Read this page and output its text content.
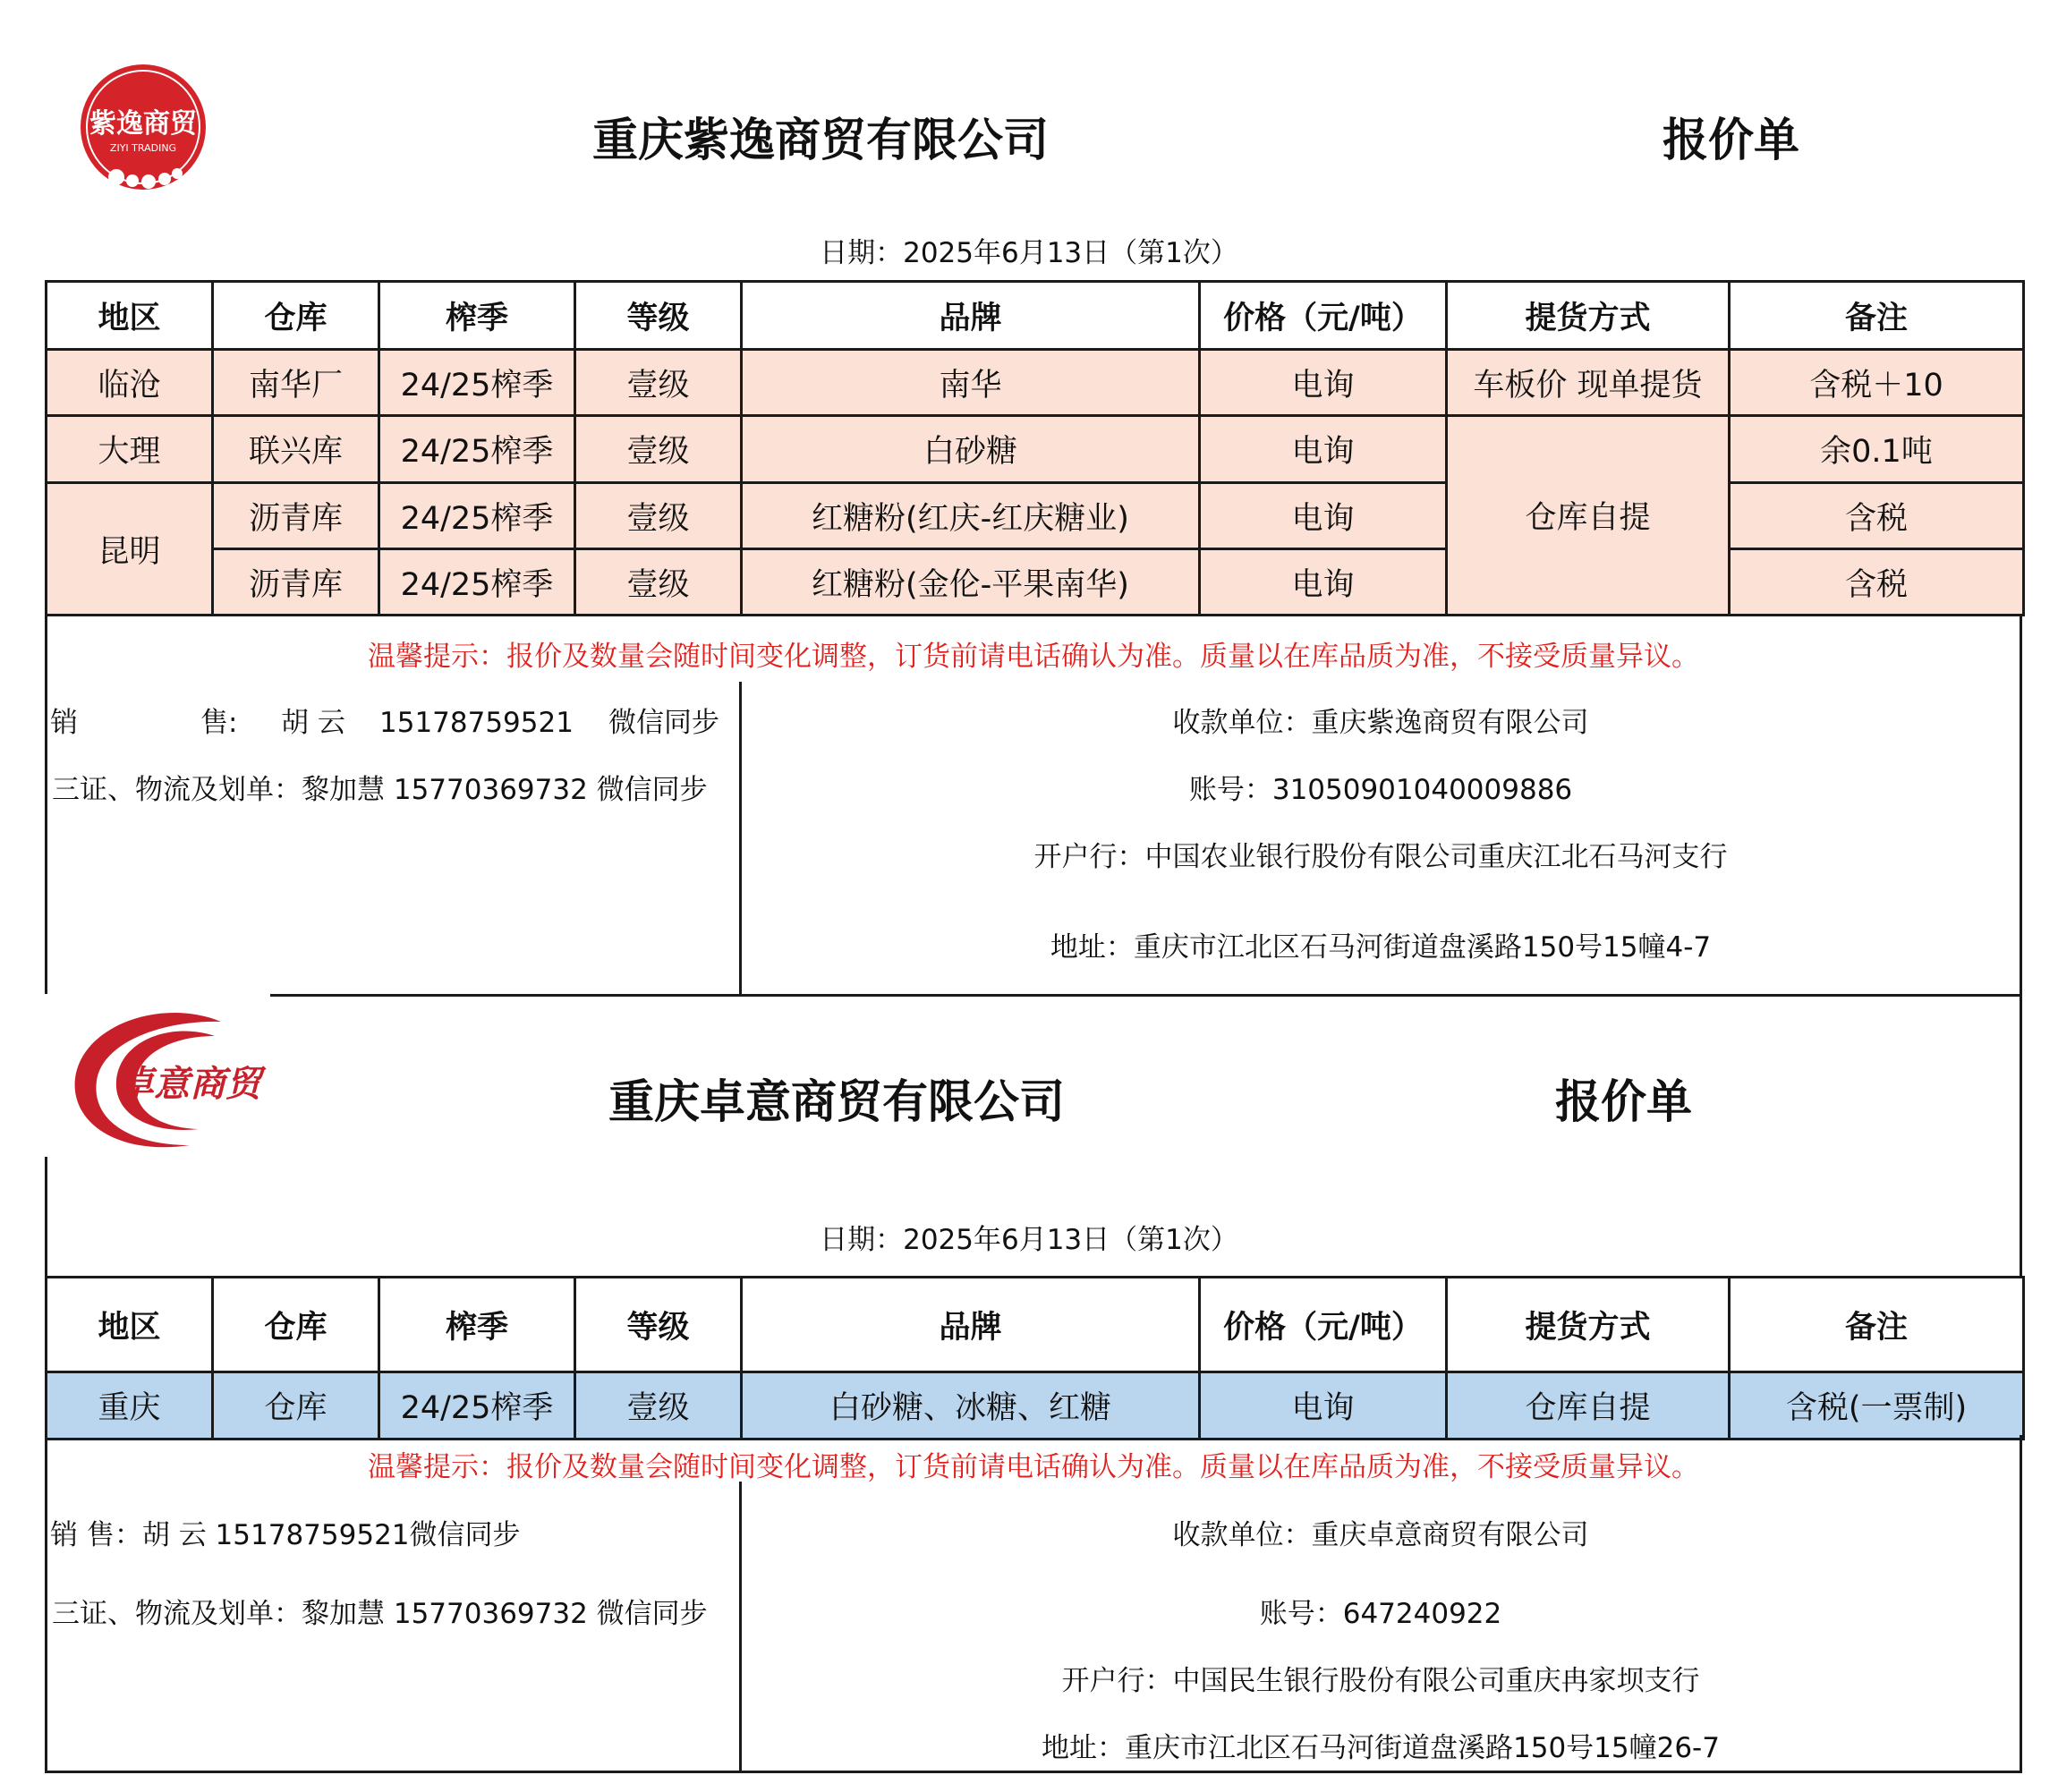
紫逸商贸
ZIYI TRADING	重庆紫逸商贸有限公司	报价单
日期：2025年6月13日（第1次）
地区	仓库	榨季	等级	品牌	价格（元/吨）	提货方式	备注
临沧	南华厂	24/25榨季	壹级	南华	电询	车板价 现单提货	含税＋10
大理	联兴库	24/25榨季	壹级	白砂糖	电询	仓库自提	余0.1吨
昆明	沥青库	24/25榨季	壹级	红糖粉(红庆-红庆糖业)	电询		含税
	沥青库	24/25榨季	壹级	红糖粉(金伦-平果南华)	电询		含税
温馨提示：报价及数量会随时间变化调整，订货前请电话确认为准。质量以在库品质为准，不接受质量异议。
销	售: 胡 云 15178759521 微信同步
三证、物流及划单：黎加慧 15770369732 微信同步
收款单位：重庆紫逸商贸有限公司
账号：31050901040009886
开户行：中国农业银行股份有限公司重庆江北石马河支行
地址：重庆市江北区石马河街道盘溪路150号15幢4-7
卓意商贸	重庆卓意商贸有限公司	报价单
日期：2025年6月13日（第1次）
地区	仓库	榨季	等级	品牌	价格（元/吨）	提货方式	备注
重庆	仓库	24/25榨季	壹级	白砂糖、冰糖、红糖	电询	仓库自提	含税(一票制)
温馨提示：报价及数量会随时间变化调整，订货前请电话确认为准。质量以在库品质为准，不接受质量异议。
销 售：胡 云 15178759521微信同步
三证、物流及划单：黎加慧 15770369732 微信同步
收款单位：重庆卓意商贸有限公司
账号：647240922
开户行：中国民生银行股份有限公司重庆冉家坝支行
地址：重庆市江北区石马河街道盘溪路150号15幢26-7
